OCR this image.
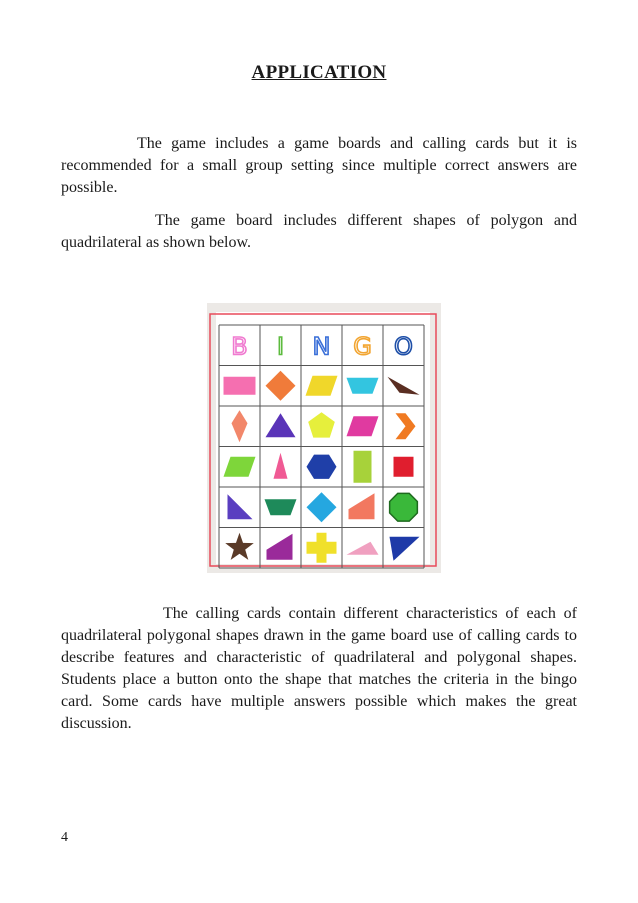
APPLICATION

The game includes a game boards and calling cards but it is recommended for a small group setting since multiple correct answers are possible.

The game board includes different shapes of polygon and quadrilateral as shown below.

B I N G O

The calling cards contain different characteristics of each of quadrilateral polygonal shapes drawn in the game board use of calling cards to describe features and characteristic of quadrilateral and polygonal shapes. Students place a button onto the shape that matches the criteria in the bingo card. Some cards have multiple answers possible which makes the great discussion.

4
